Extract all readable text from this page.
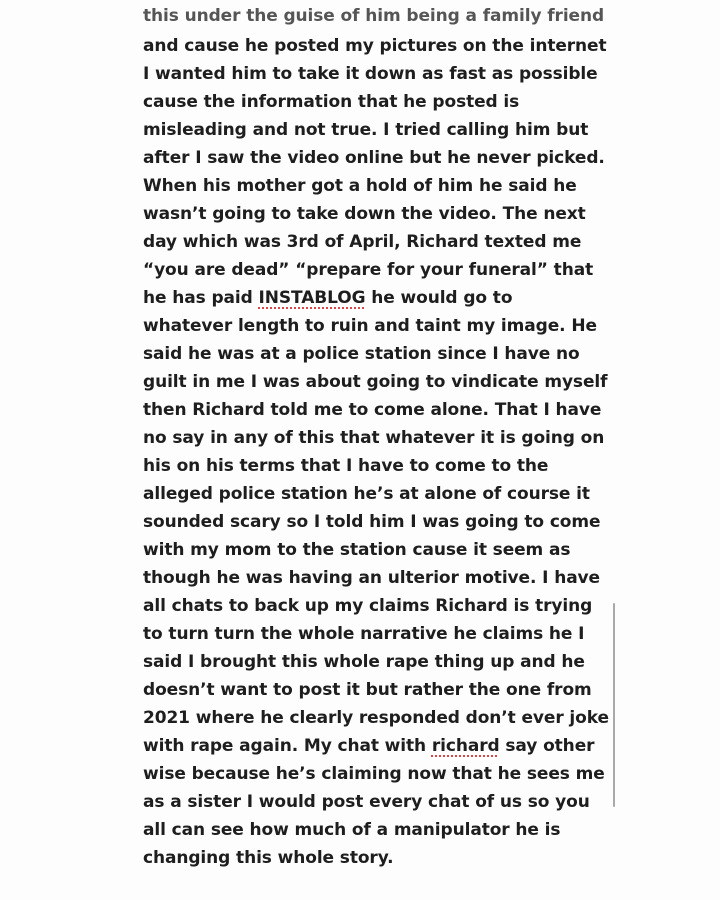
this under the guise of him being a family friend
and cause he posted my pictures on the internet
I wanted him to take it down as fast as possible
cause the information that he posted is
misleading and not true. I tried calling him but
after I saw the video online but he never picked.
When his mother got a hold of him he said he
wasn’t going to take down the video. The next
day which was 3rd of April, Richard texted me
“you are dead” “prepare for your funeral” that
he has paid INSTABLOG he would go to
whatever length to ruin and taint my image. He
said he was at a police station since I have no
guilt in me I was about going to vindicate myself
then Richard told me to come alone. That I have
no say in any of this that whatever it is going on
his on his terms that I have to come to the
alleged police station he’s at alone of course it
sounded scary so I told him I was going to come
with my mom to the station cause it seem as
though he was having an ulterior motive. I have
all chats to back up my claims Richard is trying
to turn turn the whole narrative he claims he I
said I brought this whole rape thing up and he
doesn’t want to post it but rather the one from
2021 where he clearly responded don’t ever joke
with rape again. My chat with richard say other
wise because he’s claiming now that he sees me
as a sister I would post every chat of us so you
all can see how much of a manipulator he is
changing this whole story.
